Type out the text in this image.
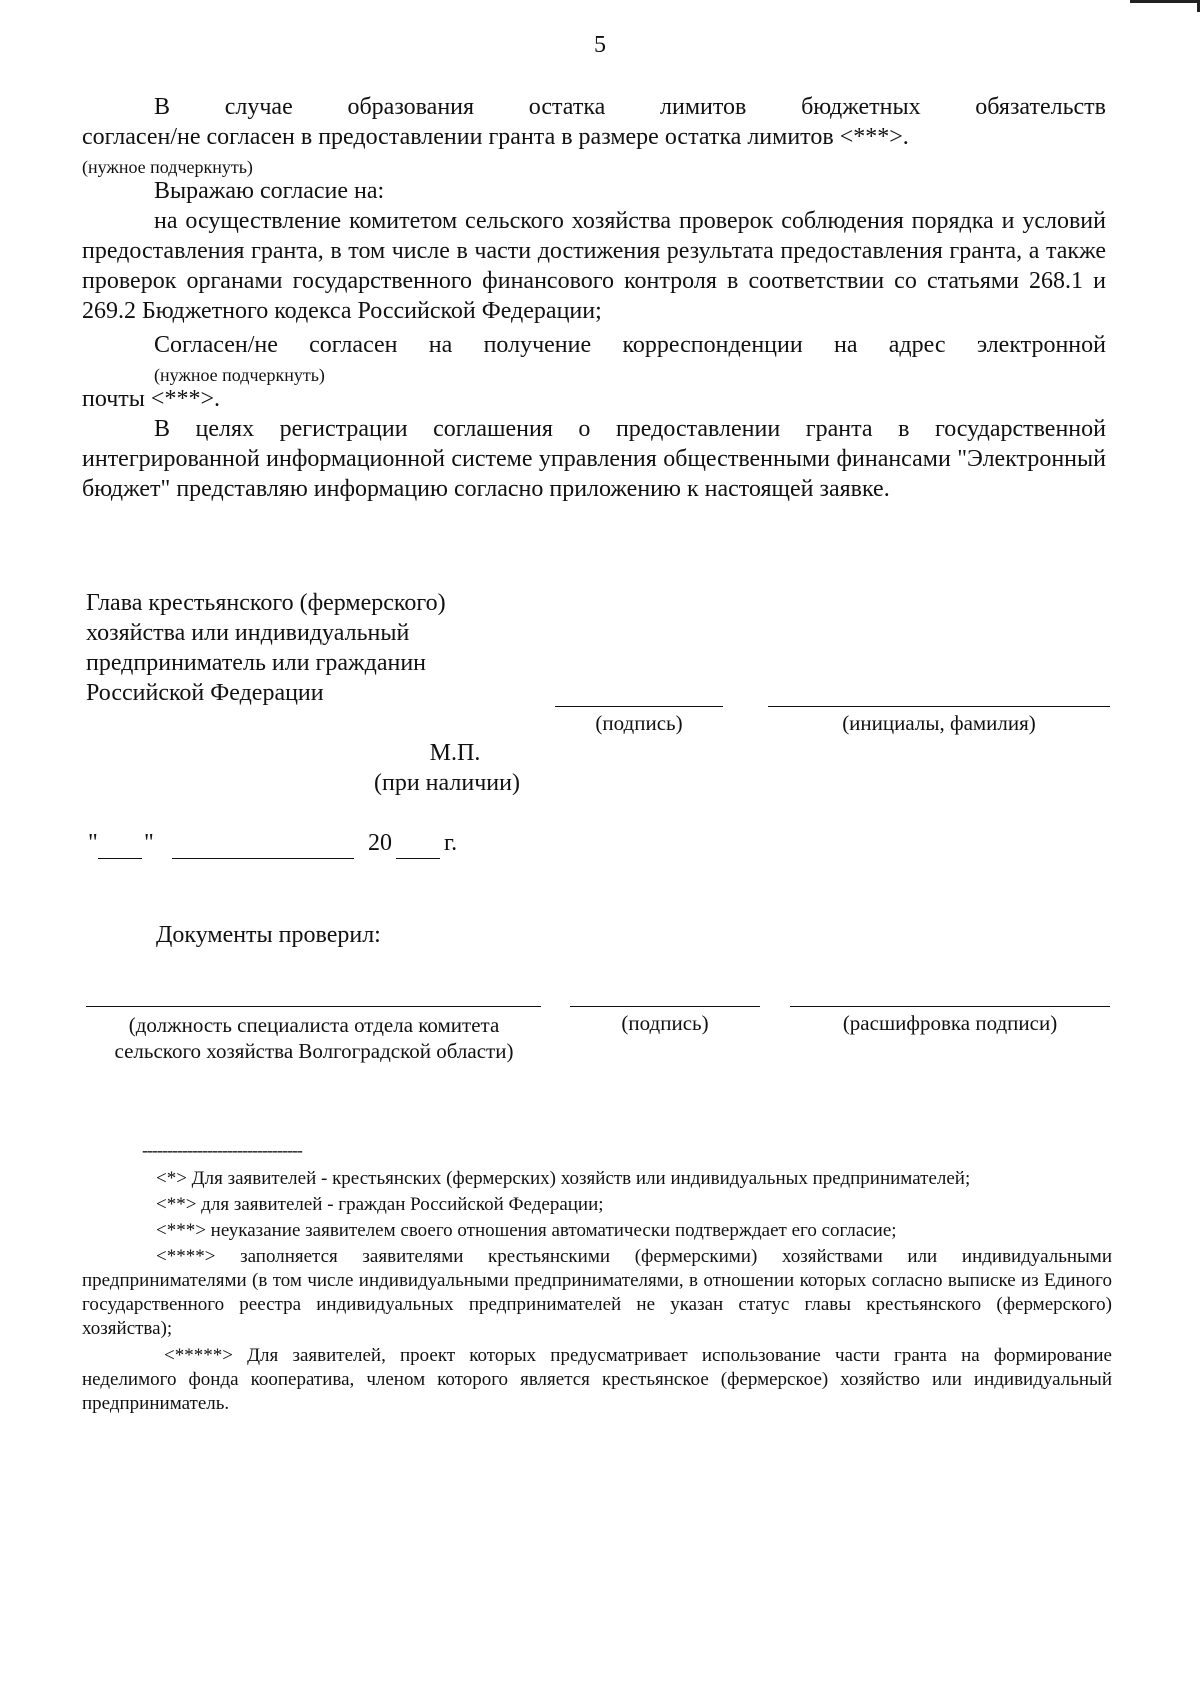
5
В случае образования остатка лимитов бюджетных обязательств
согласен/не согласен в предоставлении гранта в размере остатка лимитов <***>.
(нужное подчеркнуть)
Выражаю согласие на:
на осуществление комитетом сельского хозяйства проверок соблюдения порядка и условий предоставления гранта, в том числе в части достижения результата предоставления гранта, а также проверок органами государственного финансового контроля в соответствии со статьями 268.1 и 269.2 Бюджетного кодекса Российской Федерации;
Согласен/не согласен на получение корреспонденции на адрес электронной
(нужное подчеркнуть)
почты <***>.
В целях регистрации соглашения о предоставлении гранта в государственной интегрированной информационной системе управления общественными финансами "Электронный бюджет" представляю информацию согласно приложению к настоящей заявке.
Глава крестьянского (фермерского)
хозяйства или индивидуальный
предприниматель или гражданин
Российской Федерации
(подпись)	(инициалы, фамилия)
М.П.
(при наличии)
" "	20 г.
Документы проверил:
(должность специалиста отдела комитета сельского хозяйства Волгоградской области)
(подпись)	(расшифровка подписи)
--------------------------------
<*> Для заявителей - крестьянских (фермерских) хозяйств или индивидуальных предпринимателей;
<**> для заявителей - граждан Российской Федерации;
<***> неуказание заявителем своего отношения автоматически подтверждает его согласие;
<****> заполняется заявителями крестьянскими (фермерскими) хозяйствами или индивидуальными предпринимателями (в том числе индивидуальными предпринимателями, в отношении которых согласно выписке из Единого государственного реестра индивидуальных предпринимателей не указан статус главы крестьянского (фермерского) хозяйства);
<*****> Для заявителей, проект которых предусматривает использование части гранта на формирование неделимого фонда кооператива, членом которого является крестьянское (фермерское) хозяйство или индивидуальный предприниматель.
